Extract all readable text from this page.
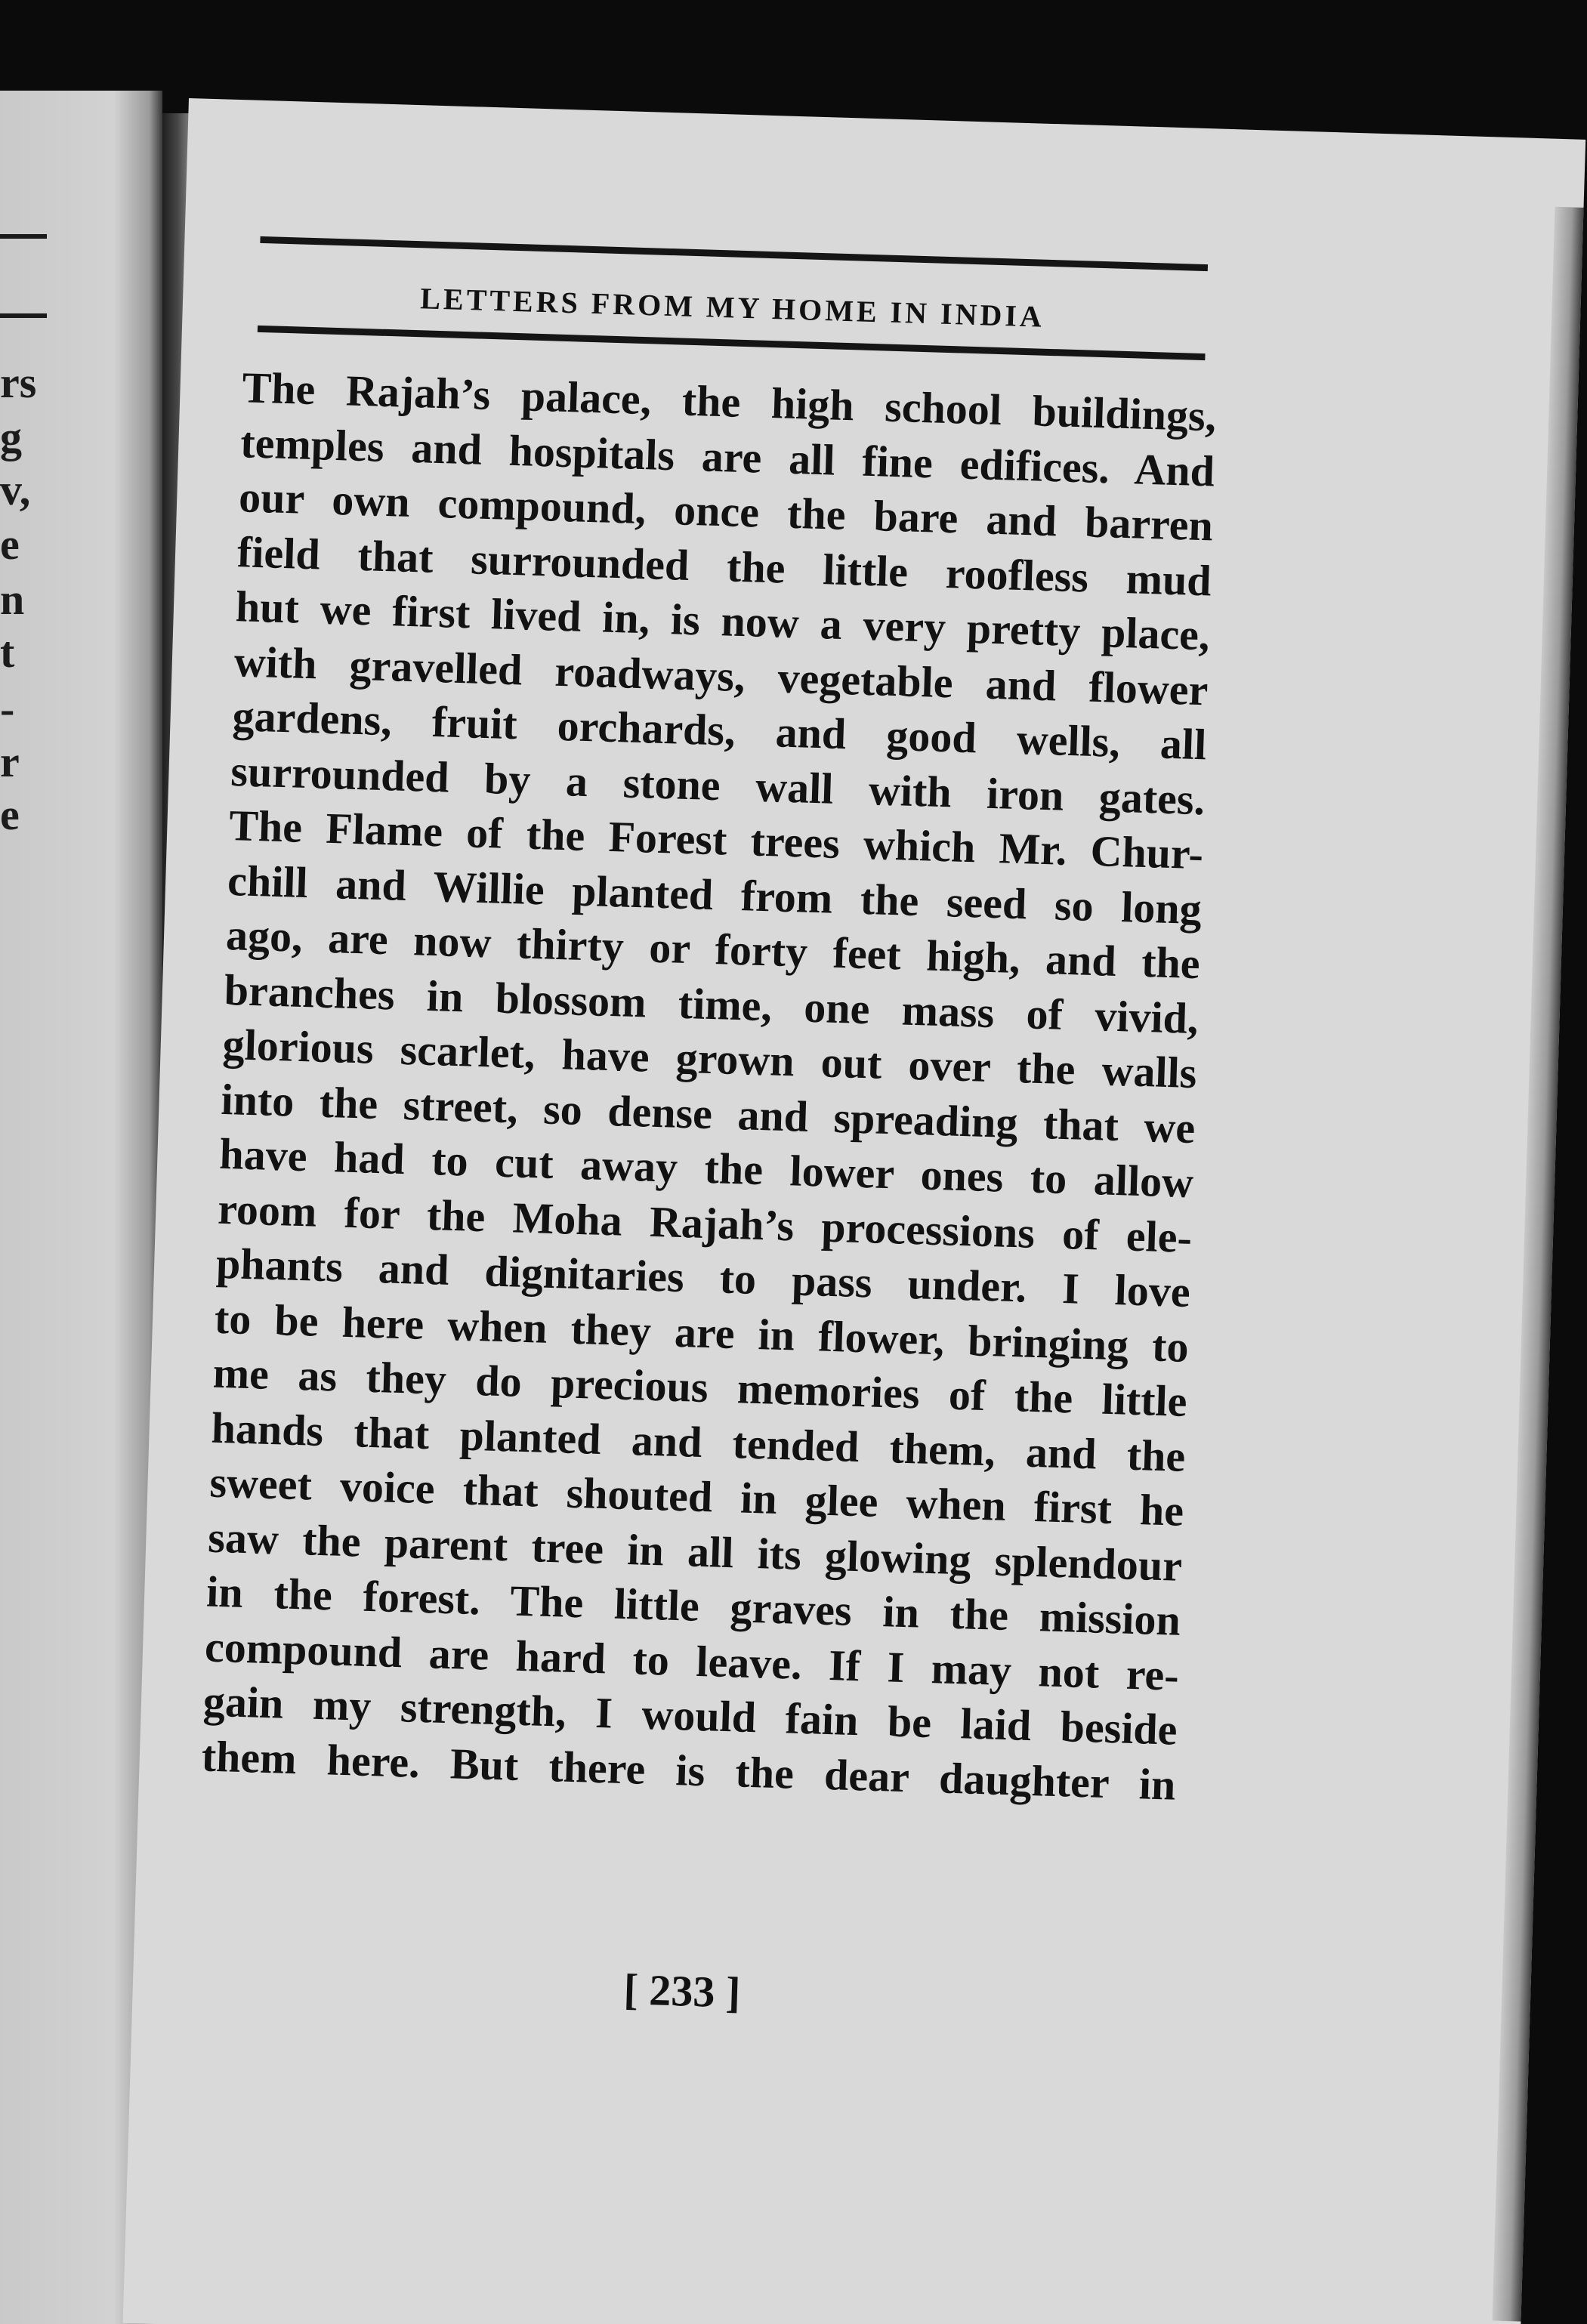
rs
g
v,
e
n
t
-
r
e
LETTERS FROM MY HOME IN INDIA
The Rajah’s palace, the high school buildings,
temples and hospitals are all fine edifices. And
our own compound, once the bare and barren
field that surrounded the little roofless mud
hut we first lived in, is now a very pretty place,
with gravelled roadways, vegetable and flower
gardens, fruit orchards, and good wells, all
surrounded by a stone wall with iron gates.
The Flame of the Forest trees which Mr. Chur-
chill and Willie planted from the seed so long
ago, are now thirty or forty feet high, and the
branches in blossom time, one mass of vivid,
glorious scarlet, have grown out over the walls
into the street, so dense and spreading that we
have had to cut away the lower ones to allow
room for the Moha Rajah’s processions of ele-
phants and dignitaries to pass under. I love
to be here when they are in flower, bringing to
me as they do precious memories of the little
hands that planted and tended them, and the
sweet voice that shouted in glee when first he
saw the parent tree in all its glowing splendour
in the forest. The little graves in the mission
compound are hard to leave. If I may not re-
gain my strength, I would fain be laid beside
them here. But there is the dear daughter in
[ 233 ]
